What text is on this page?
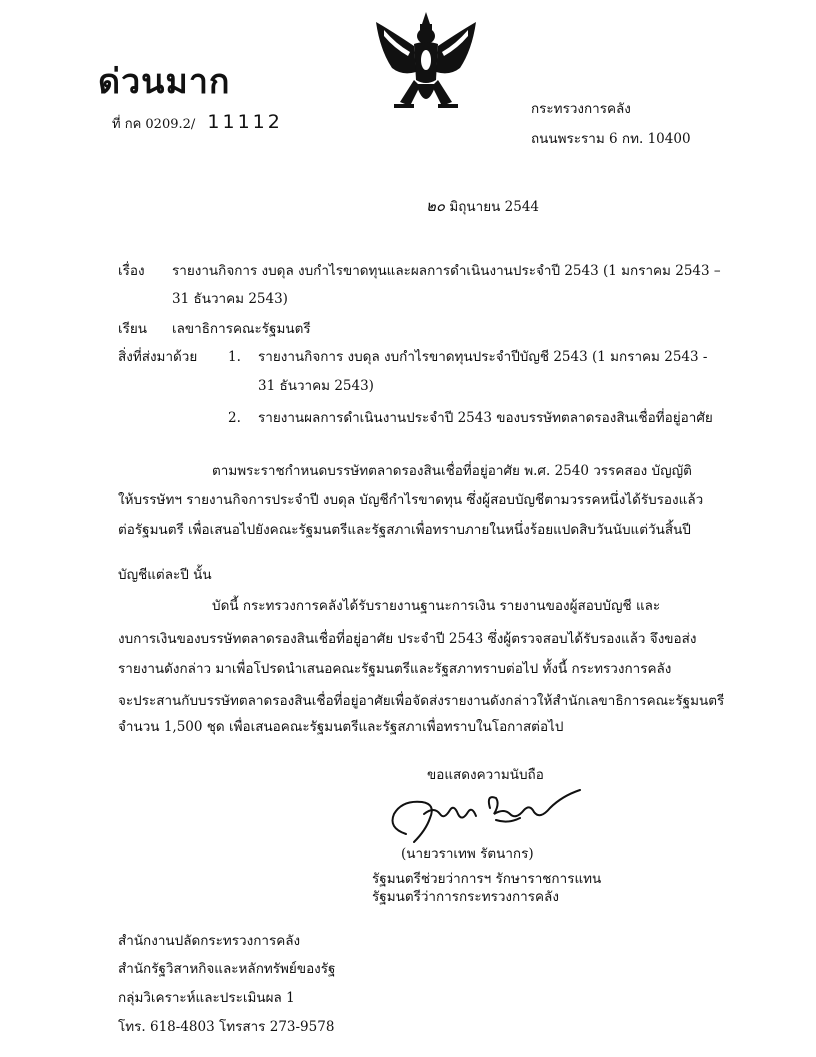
ด่วนมาก
ที่ กค 0209.2/ 11112
กระทรวงการคลัง
ถนนพระราม 6 กท. 10400
๒๐ มิถุนายน 2544
เรื่อง รายงานกิจการ งบดุล งบกำไรขาดทุนและผลการดำเนินงานประจำปี 2543 (1 มกราคม 2543 –
31 ธันวาคม 2543)
เรียน เลขาธิการคณะรัฐมนตรี
สิ่งที่ส่งมาด้วย 1. รายงานกิจการ งบดุล งบกำไรขาดทุนประจำปีบัญชี 2543 (1 มกราคม 2543 -
31 ธันวาคม 2543)
2. รายงานผลการดำเนินงานประจำปี 2543 ของบรรษัทตลาดรองสินเชื่อที่อยู่อาศัย
ตามพระราชกำหนดบรรษัทตลาดรองสินเชื่อที่อยู่อาศัย พ.ศ. 2540 วรรคสอง บัญญัติ
ให้บรรษัทฯ รายงานกิจการประจำปี งบดุล บัญชีกำไรขาดทุน ซึ่งผู้สอบบัญชีตามวรรคหนึ่งได้รับรองแล้ว
ต่อรัฐมนตรี เพื่อเสนอไปยังคณะรัฐมนตรีและรัฐสภาเพื่อทราบภายในหนึ่งร้อยแปดสิบวันนับแต่วันสิ้นปี
บัญชีแต่ละปี นั้น
บัดนี้ กระทรวงการคลังได้รับรายงานฐานะการเงิน รายงานของผู้สอบบัญชี และ
งบการเงินของบรรษัทตลาดรองสินเชื่อที่อยู่อาศัย ประจำปี 2543 ซึ่งผู้ตรวจสอบได้รับรองแล้ว จึงขอส่ง
รายงานดังกล่าว มาเพื่อโปรดนำเสนอคณะรัฐมนตรีและรัฐสภาทราบต่อไป ทั้งนี้ กระทรวงการคลัง
จะประสานกับบรรษัทตลาดรองสินเชื่อที่อยู่อาศัยเพื่อจัดส่งรายงานดังกล่าวให้สำนักเลขาธิการคณะรัฐมนตรี
จำนวน 1,500 ชุด เพื่อเสนอคณะรัฐมนตรีและรัฐสภาเพื่อทราบในโอกาสต่อไป
ขอแสดงความนับถือ
(นายวราเทพ รัตนากร)
รัฐมนตรีช่วยว่าการฯ รักษาราชการแทน
รัฐมนตรีว่าการกระทรวงการคลัง
สำนักงานปลัดกระทรวงการคลัง
สำนักรัฐวิสาหกิจและหลักทรัพย์ของรัฐ
กลุ่มวิเคราะห์และประเมินผล 1
โทร. 618-4803 โทรสาร 273-9578
